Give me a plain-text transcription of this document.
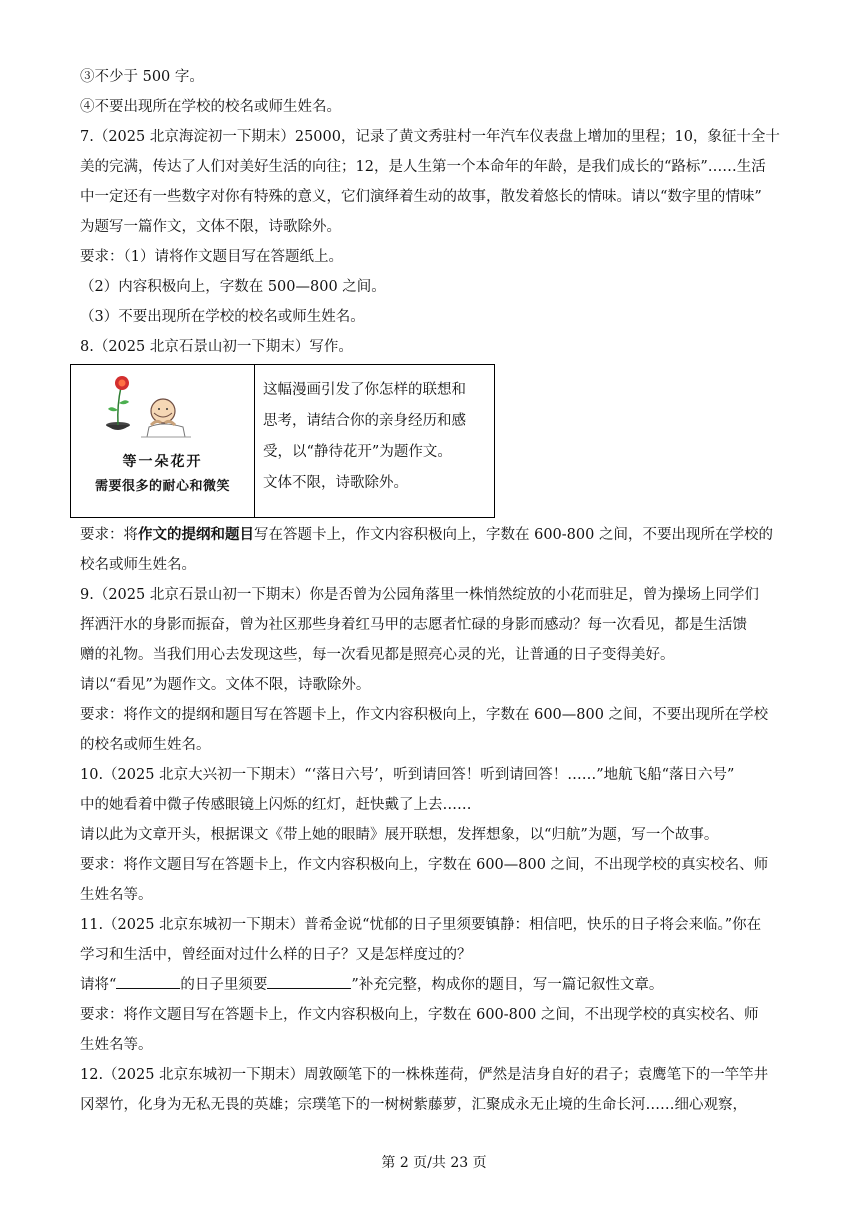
③不少于 500 字。
④不要出现所在学校的校名或师生姓名。
7.（2025 北京海淀初一下期末）25000，记录了黄文秀驻村一年汽车仪表盘上增加的里程；10，象征十全十
美的完满，传达了人们对美好生活的向往；12，是人生第一个本命年的年龄，是我们成长的“路标”……生活
中一定还有一些数字对你有特殊的意义，它们演绎着生动的故事，散发着悠长的情味。请以“数字里的情味”
为题写一篇作文，文体不限，诗歌除外。
要求：（1）请将作文题目写在答题纸上。
（2）内容积极向上，字数在 500—800 之间。
（3）不要出现所在学校的校名或师生姓名。
8.（2025 北京石景山初一下期末）写作。
等一朵花开
需要很多的耐心和微笑
这幅漫画引发了你怎样的联想和
思考，请结合你的亲身经历和感
受，以“静待花开”为题作文。
文体不限，诗歌除外。
要求：将作文的提纲和题目写在答题卡上，作文内容积极向上，字数在 600-800 之间，不要出现所在学校的
校名或师生姓名。
9.（2025 北京石景山初一下期末）你是否曾为公园角落里一株悄然绽放的小花而驻足，曾为操场上同学们
挥洒汗水的身影而振奋，曾为社区那些身着红马甲的志愿者忙碌的身影而感动？每一次看见，都是生活馈
赠的礼物。当我们用心去发现这些，每一次看见都是照亮心灵的光，让普通的日子变得美好。
请以“看见”为题作文。文体不限，诗歌除外。
要求：将作文的提纲和题目写在答题卡上，作文内容积极向上，字数在 600—800 之间，不要出现所在学校
的校名或师生姓名。
10.（2025 北京大兴初一下期末）“‘落日六号’，听到请回答！听到请回答！……”地航飞船“落日六号”
中的她看着中微子传感眼镜上闪烁的红灯，赶快戴了上去……
请以此为文章开头，根据课文《带上她的眼睛》展开联想，发挥想象，以“归航”为题，写一个故事。
要求：将作文题目写在答题卡上，作文内容积极向上，字数在 600—800 之间，不出现学校的真实校名、师
生姓名等。
11.（2025 北京东城初一下期末）普希金说“忧郁的日子里须要镇静：相信吧，快乐的日子将会来临。”你在
学习和生活中，曾经面对过什么样的日子？又是怎样度过的？
请将“	的日子里须要	”补充完整，构成你的题目，写一篇记叙性文章。
要求：将作文题目写在答题卡上，作文内容积极向上，字数在 600-800 之间，不出现学校的真实校名、师
生姓名等。
12.（2025 北京东城初一下期末）周敦颐笔下的一株株莲荷，俨然是洁身自好的君子；袁鹰笔下的一竿竿井
冈翠竹，化身为无私无畏的英雄；宗璞笔下的一树树紫藤萝，汇聚成永无止境的生命长河……细心观察，
第 2 页/共 23 页
